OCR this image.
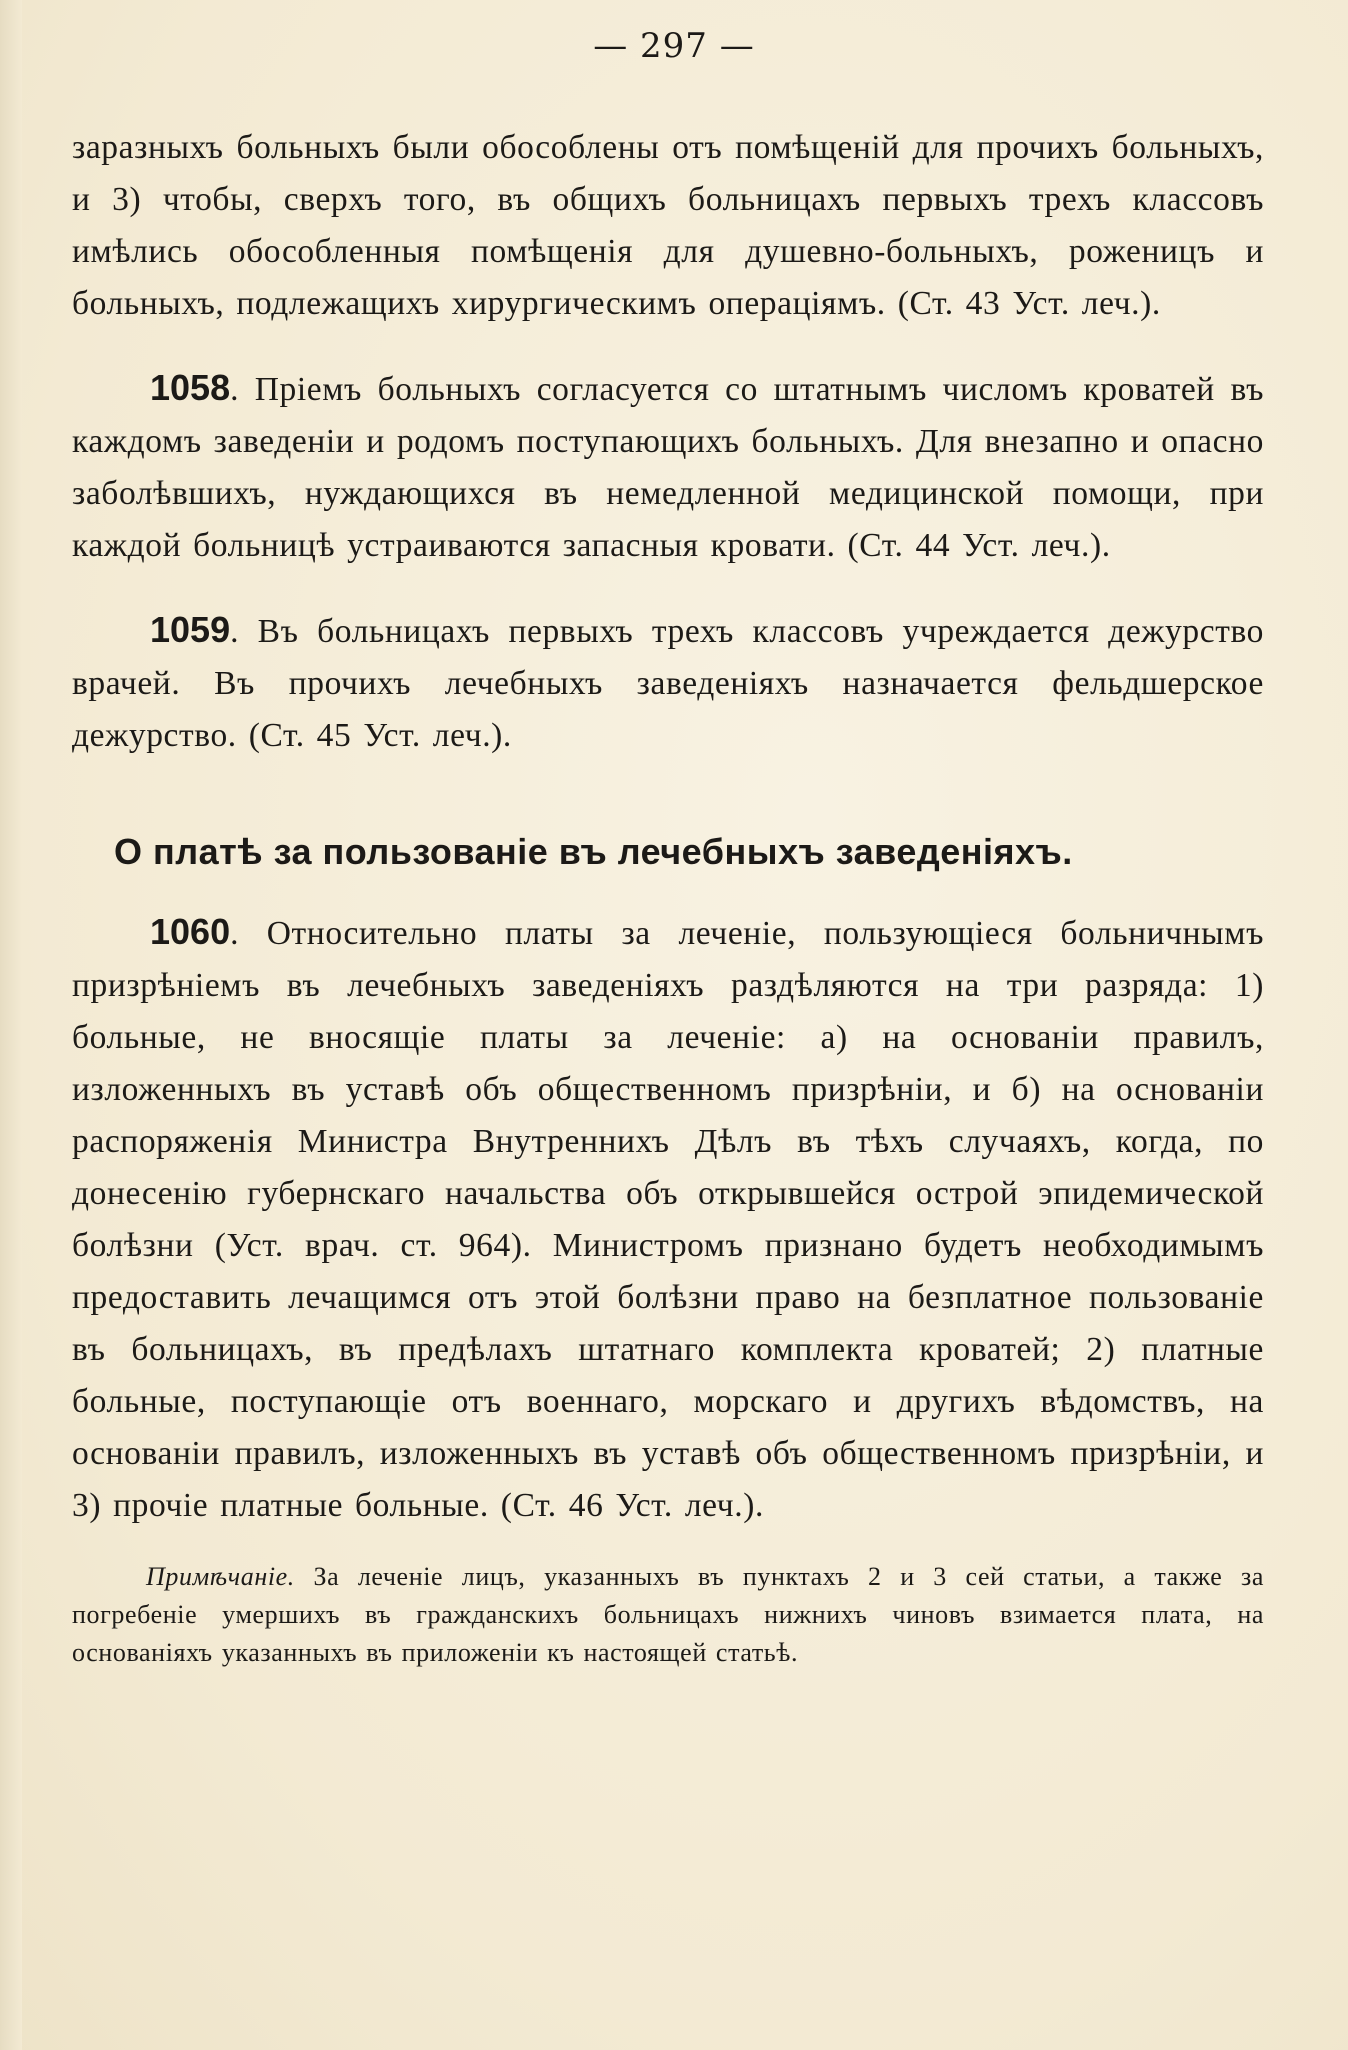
— 297 —

заразныхъ больныхъ были обособлены отъ помѣщеній для прочихъ больныхъ, и 3) чтобы, сверхъ того, въ общихъ больницахъ первыхъ трехъ классовъ имѣлись обособленныя помѣщенія для душевно-больныхъ, роженицъ и больныхъ, подлежащихъ хирургическимъ операціямъ. (Ст. 43 Уст. леч.).

1058. Пріемъ больныхъ согласуется со штатнымъ числомъ кроватей въ каждомъ заведеніи и родомъ поступающихъ больныхъ. Для внезапно и опасно заболѣвшихъ, нуждающихся въ немедленной медицинской помощи, при каждой больницѣ устраиваются запасныя кровати. (Ст. 44 Уст. леч.).

1059. Въ больницахъ первыхъ трехъ классовъ учреждается дежурство врачей. Въ прочихъ лечебныхъ заведеніяхъ назначается фельдшерское дежурство. (Ст. 45 Уст. леч.).

О платѣ за пользованіе въ лечебныхъ заведеніяхъ.

1060. Относительно платы за леченіе, пользующіеся больничнымъ призрѣніемъ въ лечебныхъ заведеніяхъ раздѣляются на три разряда: 1) больные, не вносящіе платы за леченіе: а) на основаніи правилъ, изложенныхъ въ уставѣ объ общественномъ призрѣніи, и б) на основаніи распоряженія Министра Внутреннихъ Дѣлъ въ тѣхъ случаяхъ, когда, по донесенію губернскаго начальства объ открывшейся острой эпидемической болѣзни (Уст. врач. ст. 964). Министромъ признано будетъ необходимымъ предоставить лечащимся отъ этой болѣзни право на безплатное пользованіе въ больницахъ, въ предѣлахъ штатнаго комплекта кроватей; 2) платные больные, поступающіе отъ военнаго, морскаго и другихъ вѣдомствъ, на основаніи правилъ, изложенныхъ въ уставѣ объ общественномъ призрѣніи, и 3) прочіе платные больные. (Ст. 46 Уст. леч.).

Примѣчаніе. За леченіе лицъ, указанныхъ въ пунктахъ 2 и 3 сей статьи, а также за погребеніе умершихъ въ гражданскихъ больницахъ нижнихъ чиновъ взимается плата, на основаніяхъ указанныхъ въ приложеніи къ настоящей статьѣ.
